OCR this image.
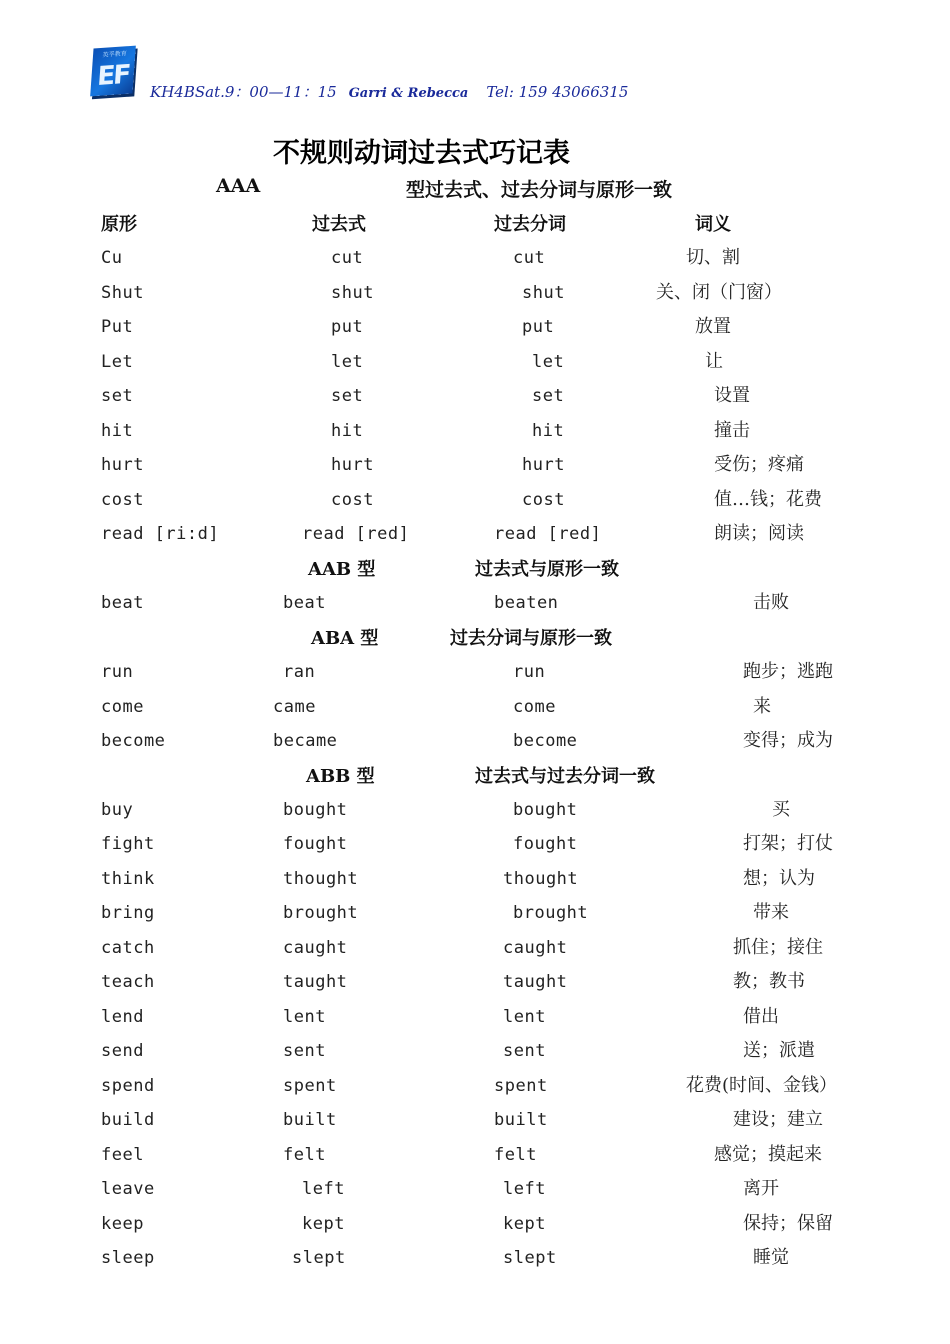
英孚教育
EF KH4BSat.9：00—11：15 Garri & Rebecca Tel: 159 43066315
不规则动词过去式巧记表
AAA	型过去式、过去分词与原形一致
原形	过去式	过去分词	词义
Cu	cut	cut	切、割
Shut	shut	shut	关、闭（门窗）
Put	put	put	放置
Let	let	let	让
set	set	set	设置
hit	hit	hit	撞击
hurt	hurt	hurt	受伤；疼痛
cost	cost	cost	值…钱；花费
read [ri:d]	read [red]	read [red]	朗读；阅读
beat	beat	beaten	击败
run	ran	run	跑步；逃跑
come	came	come	来
become	became	become	变得；成为
buy	bought	bought	买
fight	fought	fought	打架；打仗
think	thought	thought	想；认为
bring	brought	brought	带来
catch	caught	caught	抓住；接住
teach	taught	taught	教；教书
lend	lent	lent	借出
send	sent	sent	送；派遣
spend	spent	spent	花费(时间、金钱）
build	built	built	建设；建立
feel	felt	felt	感觉；摸起来
leave	left	left	离开
keep	kept	kept	保持；保留
sleep	slept	slept	睡觉
AAB 型	过去式与原形一致
ABA 型	过去分词与原形一致
ABB 型	过去式与过去分词一致
